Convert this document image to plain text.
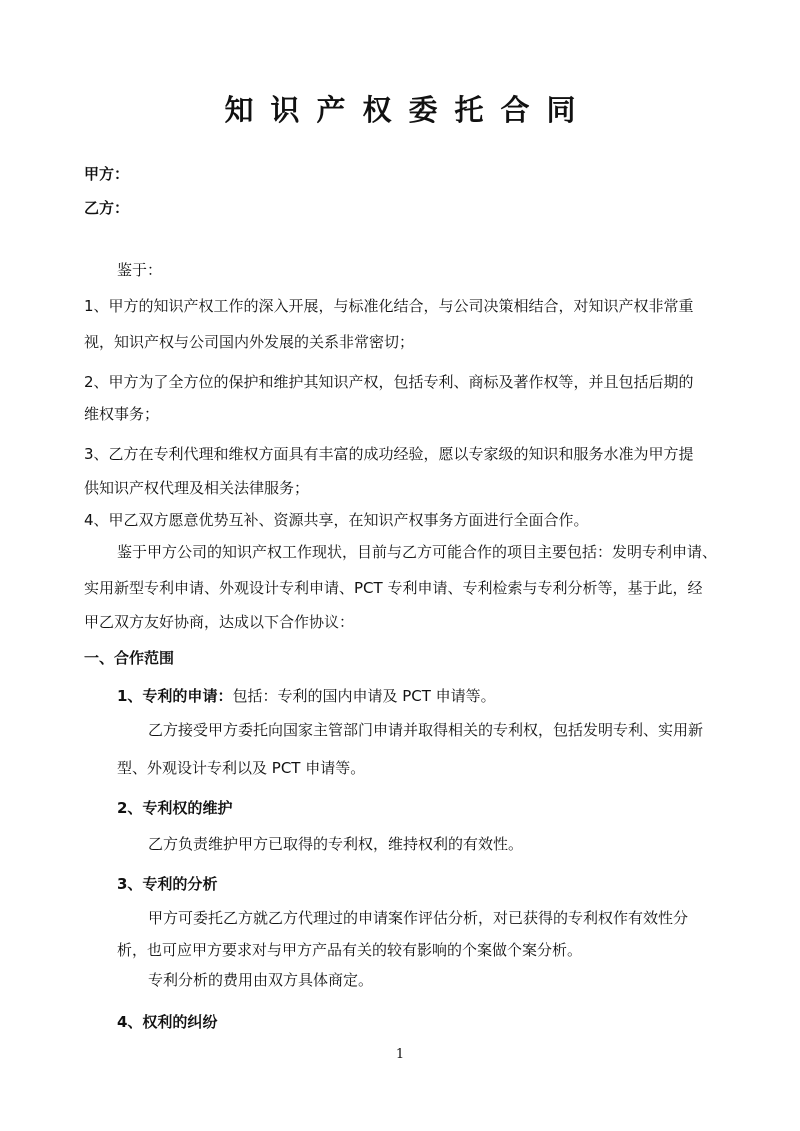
知识产权委托合同
甲方：
乙方：
鉴于：
1、甲方的知识产权工作的深入开展，与标准化结合，与公司决策相结合，对知识产权非常重
视，知识产权与公司国内外发展的关系非常密切；
2、甲方为了全方位的保护和维护其知识产权，包括专利、商标及著作权等，并且包括后期的
维权事务；
3、乙方在专利代理和维权方面具有丰富的成功经验，愿以专家级的知识和服务水准为甲方提
供知识产权代理及相关法律服务；
4、甲乙双方愿意优势互补、资源共享，在知识产权事务方面进行全面合作。
鉴于甲方公司的知识产权工作现状，目前与乙方可能合作的项目主要包括：发明专利申请、
实用新型专利申请、外观设计专利申请、PCT 专利申请、专利检索与专利分析等，基于此，经
甲乙双方友好协商，达成以下合作协议：
一、合作范围
1、专利的申请：包括：专利的国内申请及 PCT 申请等。
乙方接受甲方委托向国家主管部门申请并取得相关的专利权，包括发明专利、实用新
型、外观设计专利以及 PCT 申请等。
2、专利权的维护
乙方负责维护甲方已取得的专利权，维持权利的有效性。
3、专利的分析
甲方可委托乙方就乙方代理过的申请案作评估分析，对已获得的专利权作有效性分
析，也可应甲方要求对与甲方产品有关的较有影响的个案做个案分析。
专利分析的费用由双方具体商定。
4、权利的纠纷
1
